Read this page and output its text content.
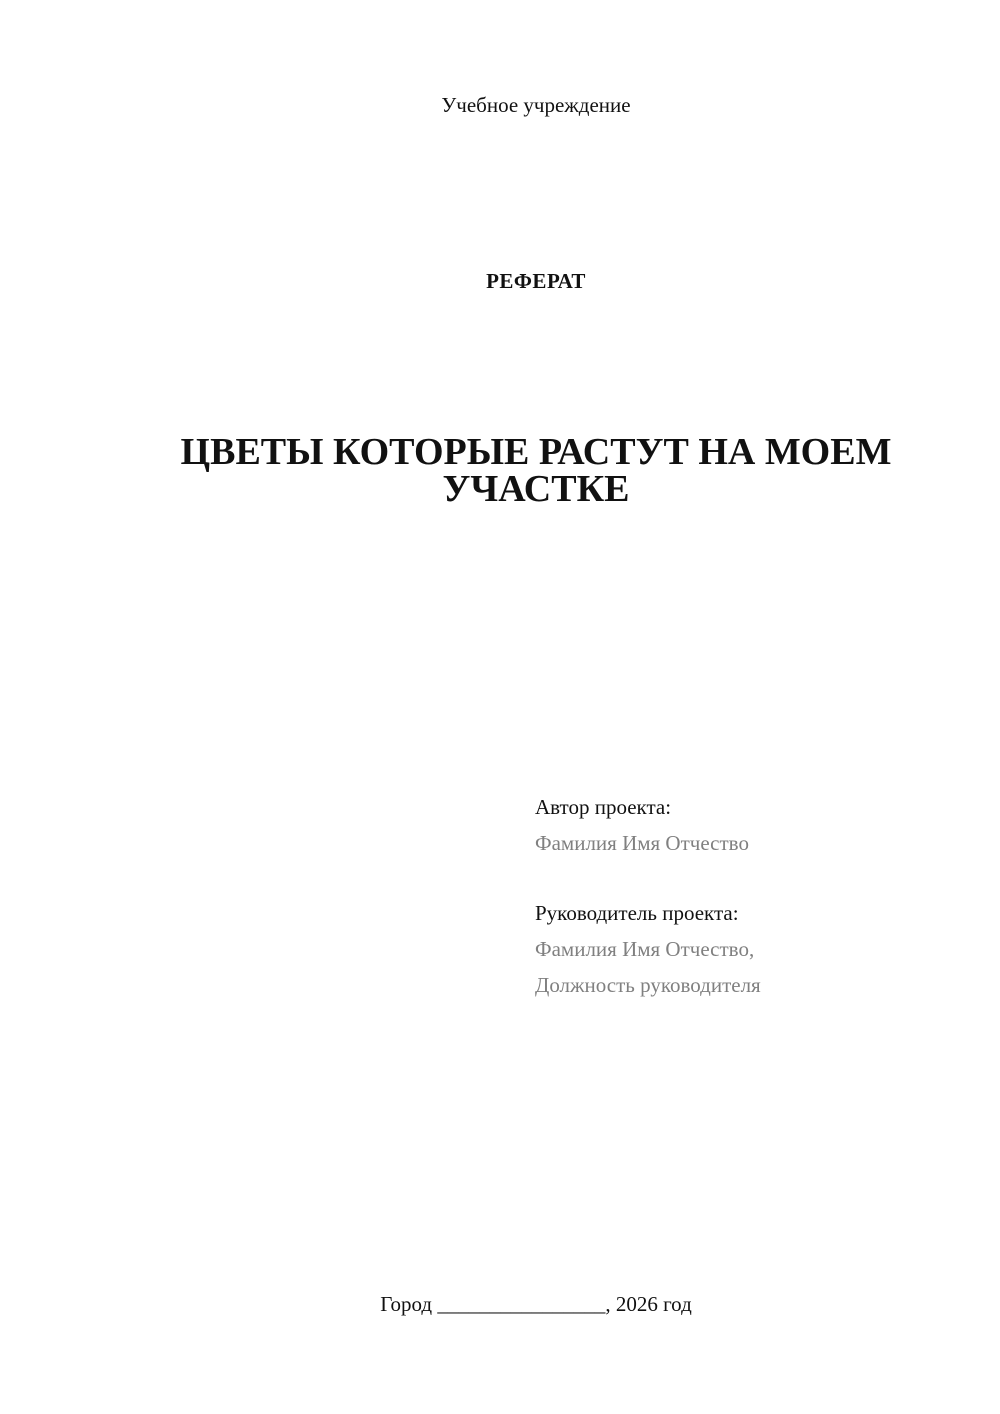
Учебное учреждение
РЕФЕРАТ
ЦВЕТЫ КОТОРЫЕ РАСТУТ НА МОЕМ
УЧАСТКЕ
Автор проекта:
Фамилия Имя Отчество
Руководитель проекта:
Фамилия Имя Отчество,
Должность руководителя
Город ________________, 2026 год
